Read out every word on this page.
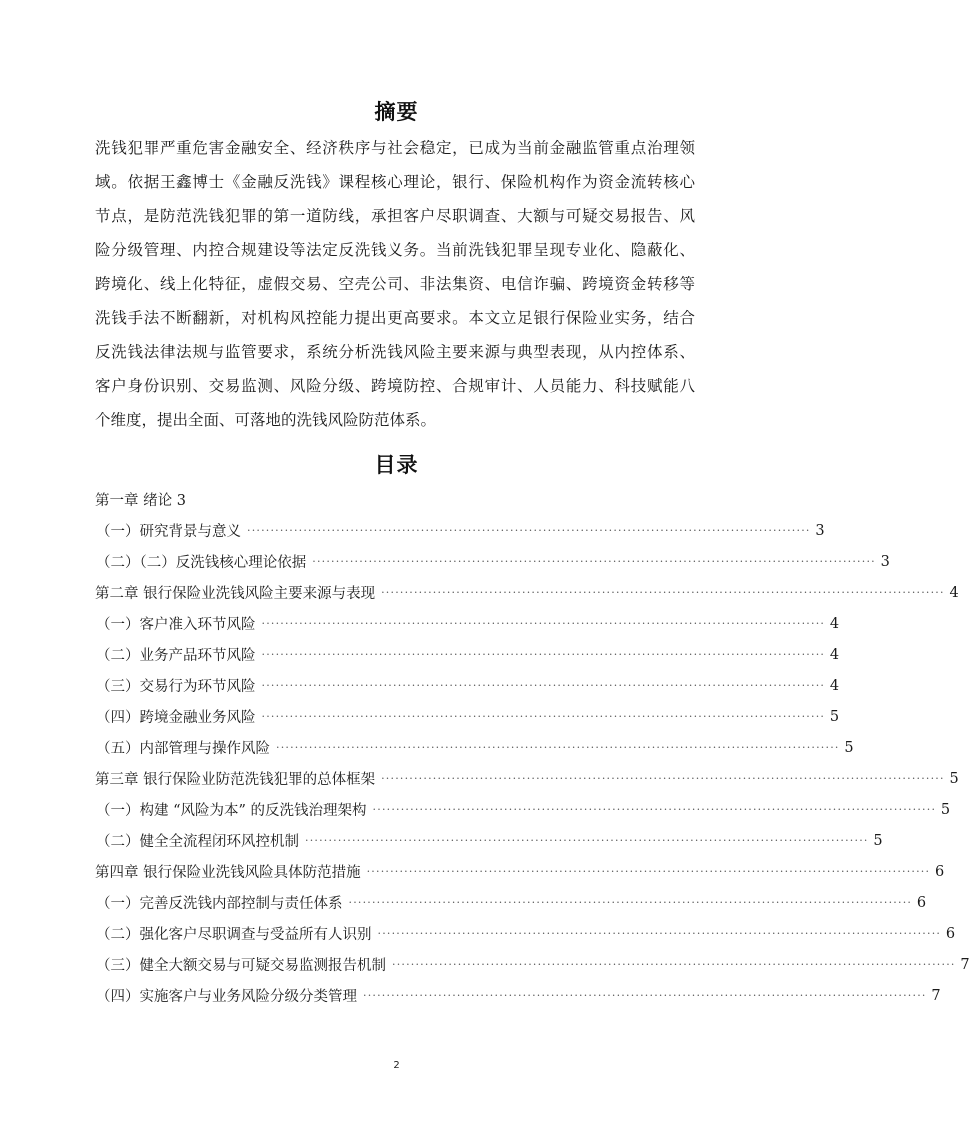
摘要
洗钱犯罪严重危害金融安全、经济秩序与社会稳定，已成为当前金融监管重点治理领
域。依据王鑫博士《金融反洗钱》课程核心理论，银行、保险机构作为资金流转核心
节点，是防范洗钱犯罪的第一道防线，承担客户尽职调查、大额与可疑交易报告、风
险分级管理、内控合规建设等法定反洗钱义务。当前洗钱犯罪呈现专业化、隐蔽化、
跨境化、线上化特征，虚假交易、空壳公司、非法集资、电信诈骗、跨境资金转移等
洗钱手法不断翻新，对机构风控能力提出更高要求。本文立足银行保险业实务，结合
反洗钱法律法规与监管要求，系统分析洗钱风险主要来源与典型表现，从内控体系、
客户身份识别、交易监测、风险分级、跨境防控、合规审计、人员能力、科技赋能八
个维度，提出全面、可落地的洗钱风险防范体系。
目录
第一章 绪论 3
（一）研究背景与意义 ························································································································ 3
（二）（二）反洗钱核心理论依据 ························································································································ 3
第二章 银行保险业洗钱风险主要来源与表现 ························································································································ 4
（一）客户准入环节风险 ························································································································ 4
（二）业务产品环节风险 ························································································································ 4
（三）交易行为环节风险 ························································································································ 4
（四）跨境金融业务风险 ························································································································ 5
（五）内部管理与操作风险 ························································································································ 5
第三章 银行保险业防范洗钱犯罪的总体框架 ························································································································ 5
（一）构建 “风险为本” 的反洗钱治理架构 ························································································································ 5
（二）健全全流程闭环风控机制 ························································································································ 5
第四章 银行保险业洗钱风险具体防范措施 ························································································································ 6
（一）完善反洗钱内部控制与责任体系 ························································································································ 6
（二）强化客户尽职调查与受益所有人识别 ························································································································ 6
（三）健全大额交易与可疑交易监测报告机制 ························································································································ 7
（四）实施客户与业务风险分级分类管理 ························································································································ 7
2
